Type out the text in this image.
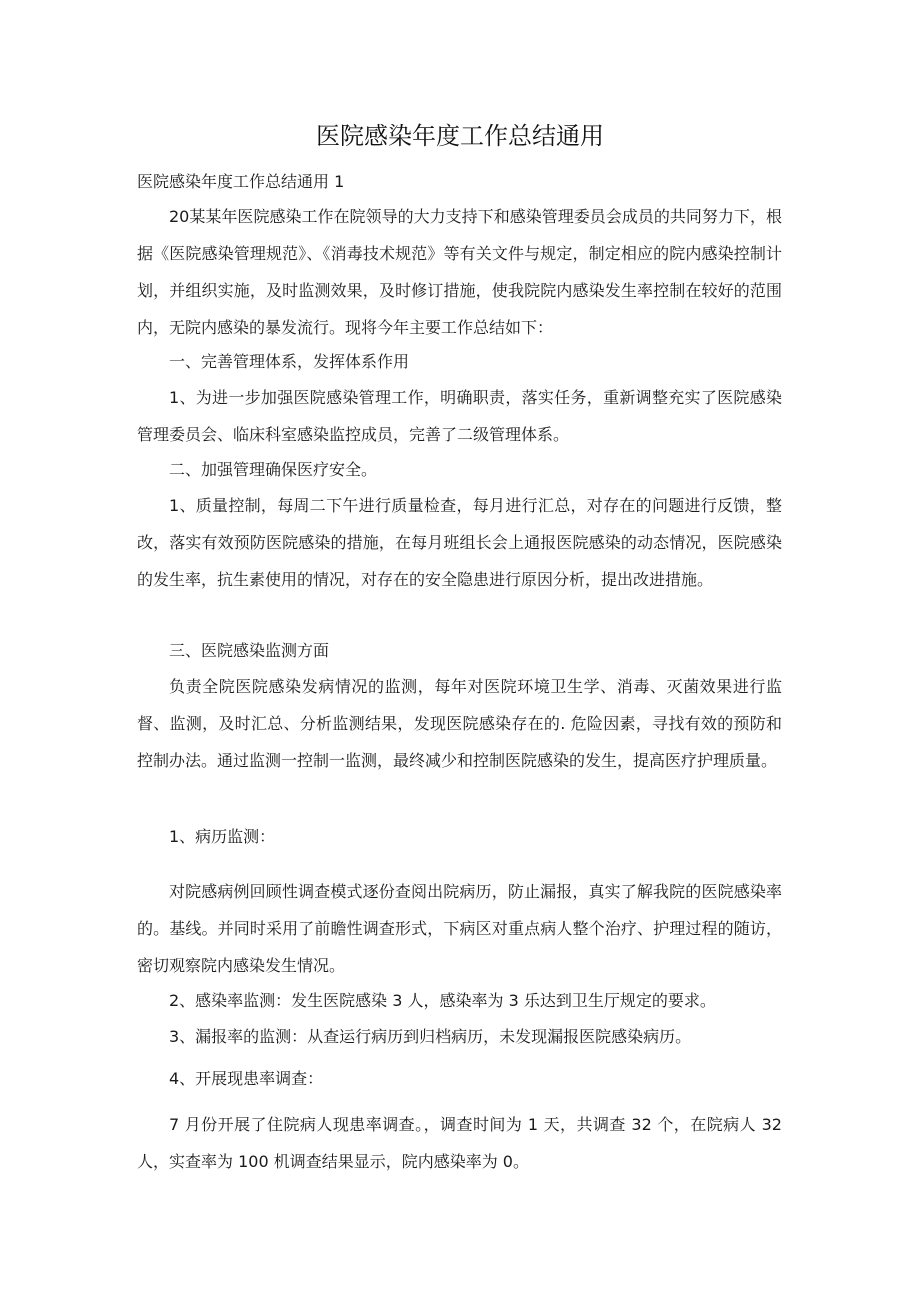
医院感染年度工作总结通用

医院感染年度工作总结通用 1

20某某年医院感染工作在院领导的大力支持下和感染管理委员会成员的共同努力下，根据《医院感染管理规范》、《消毒技术规范》等有关文件与规定，制定相应的院内感染控制计划，并组织实施，及时监测效果，及时修订措施，使我院院内感染发生率控制在较好的范围内，无院内感染的暴发流行。现将今年主要工作总结如下：

一、完善管理体系，发挥体系作用

1、为进一步加强医院感染管理工作，明确职责，落实任务，重新调整充实了医院感染管理委员会、临床科室感染监控成员，完善了二级管理体系。

二、加强管理确保医疗安全。

1、质量控制，每周二下午进行质量检查，每月进行汇总，对存在的问题进行反馈，整改，落实有效预防医院感染的措施，在每月班组长会上通报医院感染的动态情况，医院感染的发生率，抗生素使用的情况，对存在的安全隐患进行原因分析，提出改进措施。

三、医院感染监测方面

负责全院医院感染发病情况的监测，每年对医院环境卫生学、消毒、灭菌效果进行监督、监测，及时汇总、分析监测结果，发现医院感染存在的. 危险因素，寻找有效的预防和控制办法。通过监测一控制一监测，最终减少和控制医院感染的发生，提高医疗护理质量。

1、病历监测：

对院感病例回顾性调查模式逐份查阅出院病历，防止漏报，真实了解我院的医院感染率的。基线。并同时采用了前瞻性调查形式，下病区对重点病人整个治疗、护理过程的随访，密切观察院内感染发生情况。

2、感染率监测：发生医院感染 3 人，感染率为 3 乐达到卫生厅规定的要求。

3、漏报率的监测：从查运行病历到归档病历，未发现漏报医院感染病历。

4、开展现患率调查：

7 月份开展了住院病人现患率调查。，调查时间为 1 天，共调查 32 个，在院病人 32 人，实查率为 100 机调查结果显示，院内感染率为 0。
